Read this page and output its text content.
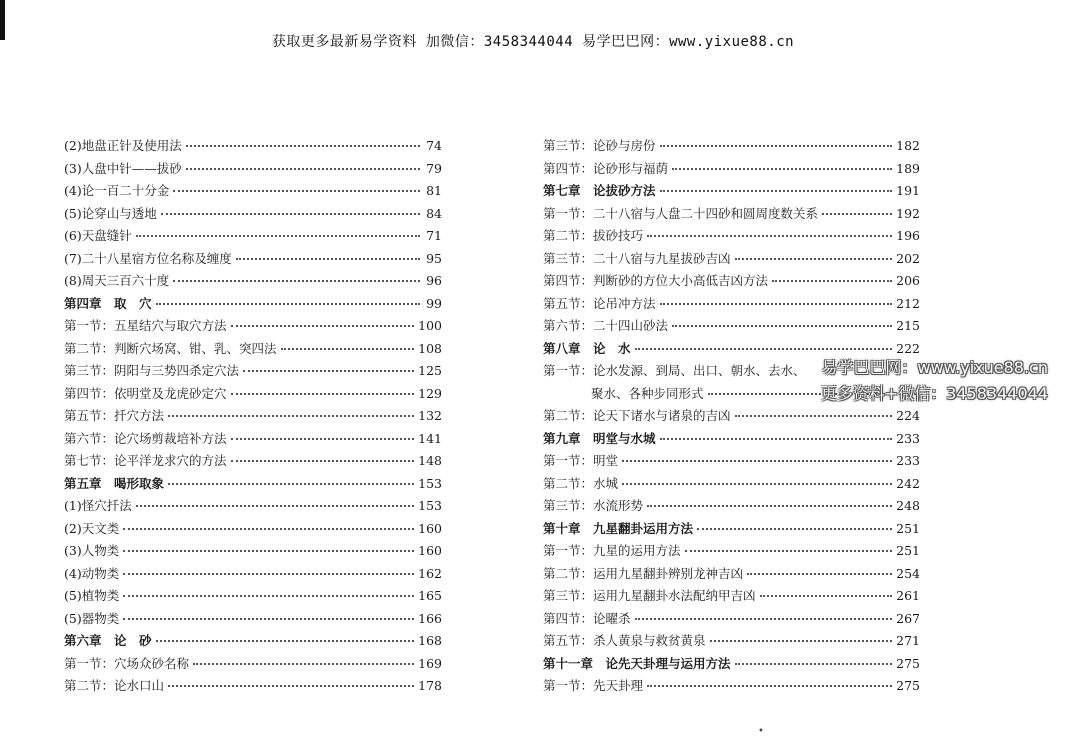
获取更多最新易学资料 加微信：3458344044 易学巴巴网：www.yixue88.cn
(2)地盘正针及使用法	74
(3)人盘中针——拔砂	79
(4)论一百二十分金	81
(5)论穿山与透地	84
(6)天盘缝针	71
(7)二十八星宿方位名称及缠度	95
(8)周天三百六十度	96
第四章　取　穴	99
第一节：五星结穴与取穴方法	100
第二节：判断穴场窝、钳、乳、突四法	108
第三节：阴阳与三势四杀定穴法	125
第四节：依明堂及龙虎砂定穴	129
第五节：扦穴方法	132
第六节：论穴场剪裁培补方法	141
第七节：论平洋龙求穴的方法	148
第五章　喝形取象	153
(1)怪穴扦法	153
(2)天文类	160
(3)人物类	160
(4)动物类	162
(5)植物类	165
(5)器物类	166
第六章　论　砂	168
第一节：穴场众砂名称	169
第二节：论水口山	178
第三节：论砂与房份	182
第四节：论砂形与福荫	189
第七章　论拔砂方法	191
第一节：二十八宿与人盘二十四砂和圆周度数关系	192
第二节：拔砂技巧	196
第三节：二十八宿与九星拔砂吉凶	202
第四节：判断砂的方位大小高低吉凶方法	206
第五节：论吊冲方法	212
第六节：二十四山砂法	215
第八章　论　水	222
第一节：论水发源、到局、出口、朝水、去水、
聚水、各种步同形式
第二节：论天下诸水与诸泉的吉凶	224
第九章　明堂与水城	233
第一节：明堂	233
第二节：水城	242
第三节：水流形势	248
第十章　九星翻卦运用方法	251
第一节：九星的运用方法	251
第二节：运用九星翻卦辨别龙神吉凶	254
第三节：运用九星翻卦水法配纳甲吉凶	261
第四节：论曜杀	267
第五节：杀人黄泉与救贫黄泉	271
第十一章　论先天卦理与运用方法	275
第一节：先天卦理	275
易学巴巴网：www.yixue88.cn
更多资料+微信：3458344044
•
